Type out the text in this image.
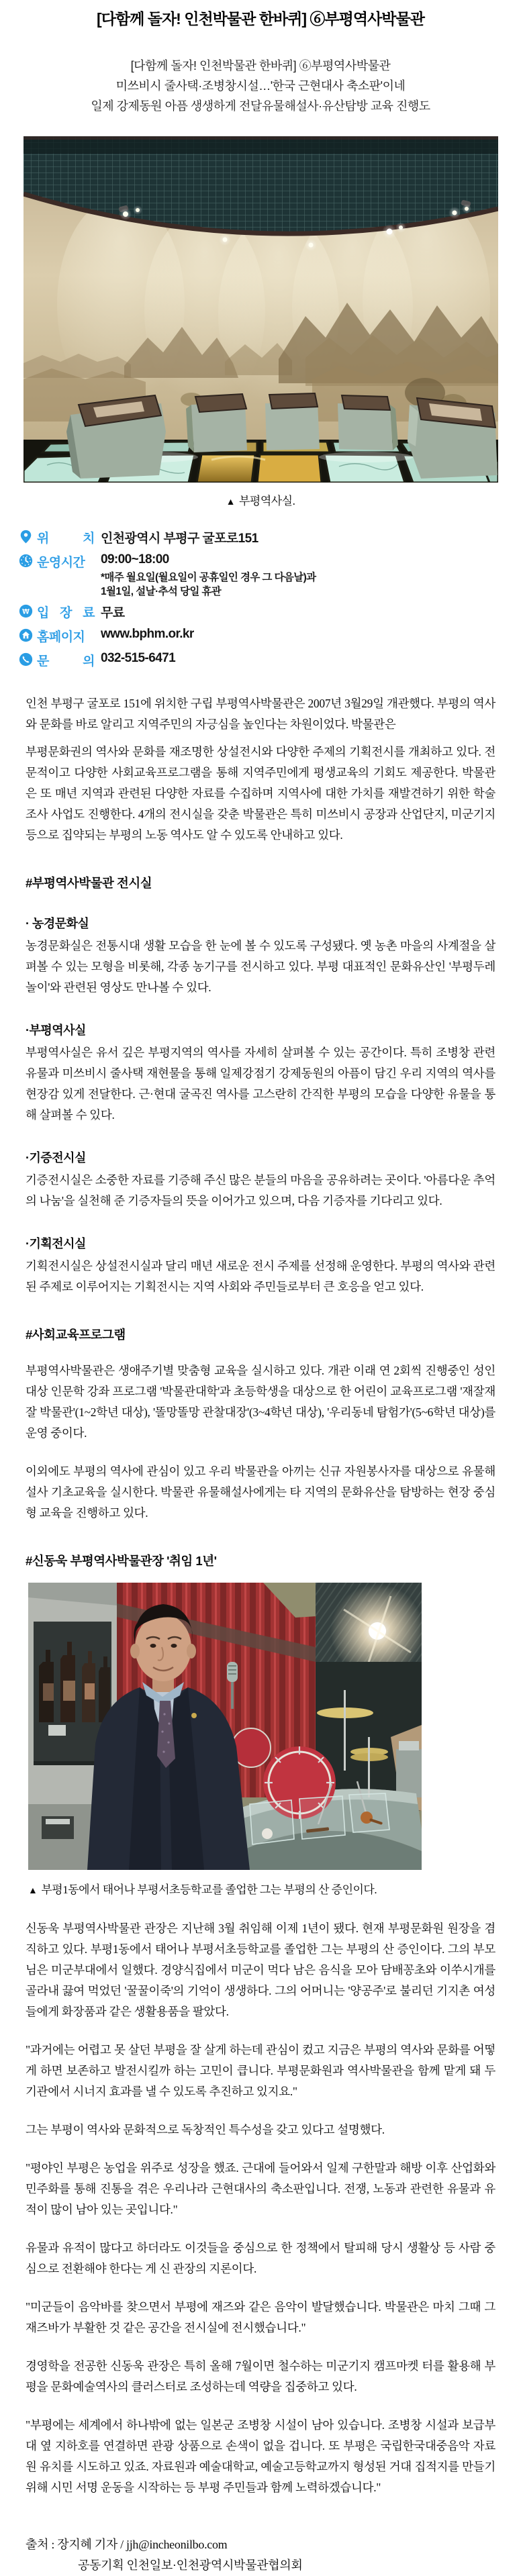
[다함께 돌자! 인천박물관 한바퀴] ⑥부평역사박물관
[다함께 돌자! 인천박물관 한바퀴] ⑥부평역사박물관
미쓰비시 줄사택·조병창시설…'한국 근현대사 축소판'이네
일제 강제동원 아픔 생생하게 전달유물해설사·유산탐방 교육 진행도
▲ 부평역사실.
위 치 인천광역시 부평구 굴포로151
운영시간	09:00~18:00
*매주 월요일(월요일이 공휴일인 경우 그 다음날)과
1월1일, 설날·추석 당일 휴관
W 입 장 료 무료
홈페이지	www.bphm.or.kr
문 의 032-515-6471

인천 부평구 굴포로 151에 위치한 구립 부평역사박물관은 2007년 3월29일 개관했다. 부평의 역사와 문화를 바로 알리고 지역주민의 자긍심을 높인다는 차원이었다. 박물관은

부평문화권의 역사와 문화를 재조명한 상설전시와 다양한 주제의 기획전시를 개최하고 있다. 전문적이고 다양한 사회교육프로그램을 통해 지역주민에게 평생교육의 기회도 제공한다. 박물관은 또 매년 지역과 관련된 다양한 자료를 수집하며 지역사에 대한 가치를 재발견하기 위한 학술조사 사업도 진행한다. 4개의 전시실을 갖춘 박물관은 특히 미쓰비시 공장과 산업단지, 미군기지 등으로 집약되는 부평의 노동 역사도 알 수 있도록 안내하고 있다.

#부평역사박물관 전시실
· 농경문화실

농경문화실은 전통시대 생활 모습을 한 눈에 볼 수 있도록 구성됐다. 옛 농촌 마을의 사계절을 살펴볼 수 있는 모형을 비롯해, 각종 농기구를 전시하고 있다. 부평 대표적인 문화유산인 '부평두레놀이'와 관련된 영상도 만나볼 수 있다.

·부평역사실

부평역사실은 유서 깊은 부평지역의 역사를 자세히 살펴볼 수 있는 공간이다. 특히 조병창 관련 유물과 미쓰비시 줄사택 재현물을 통해 일제강점기 강제동원의 아픔이 담긴 우리 지역의 역사를 현장감 있게 전달한다. 근·현대 굴곡진 역사를 고스란히 간직한 부평의 모습을 다양한 유물을 통해 살펴볼 수 있다.

·기증전시실

기증전시실은 소중한 자료를 기증해 주신 많은 분들의 마음을 공유하려는 곳이다. '아름다운 추억의 나눔'을 실천해 준 기증자들의 뜻을 이어가고 있으며, 다음 기증자를 기다리고 있다.

·기획전시실

기획전시실은 상설전시실과 달리 매년 새로운 전시 주제를 선정해 운영한다. 부평의 역사와 관련된 주제로 이루어지는 기획전시는 지역 사회와 주민들로부터 큰 호응을 얻고 있다.

#사회교육프로그램

부평역사박물관은 생애주기별 맞춤형 교육을 실시하고 있다. 개관 이래 연 2회씩 진행중인 성인 대상 인문학 강좌 프로그램 '박물관대학'과 초등학생을 대상으로 한 어린이 교육프로그램 '재잘재잘 박물관'(1~2학년 대상), '똘망똘망 관찰대장'(3~4학년 대상), '우리동네 탐험가'(5~6학년 대상)를 운영 중이다.

이외에도 부평의 역사에 관심이 있고 우리 박물관을 아끼는 신규 자원봉사자를 대상으로 유물해설사 기초교육을 실시한다. 박물관 유물해설사에게는 타 지역의 문화유산을 탐방하는 현장 중심형 교육을 진행하고 있다.

#신동욱 부평역사박물관장 '취임 1년'
▲ 부평1동에서 태어나 부평서초등학교를 졸업한 그는 부평의 산 증인이다.

신동욱 부평역사박물관 관장은 지난해 3월 취임해 이제 1년이 됐다. 현재 부평문화원 원장을 겸직하고 있다. 부평1동에서 태어나 부평서초등학교를 졸업한 그는 부평의 산 증인이다. 그의 부모님은 미군부대에서 일했다. 경양식집에서 미군이 먹다 남은 음식을 모아 담배꽁초와 이쑤시개를 골라내 끓여 먹었던 '꿀꿀이죽'의 기억이 생생하다. 그의 어머니는 '양공주'로 불리던 기지촌 여성들에게 화장품과 같은 생활용품을 팔았다.

"과거에는 어렵고 못 살던 부평을 잘 살게 하는데 관심이 컸고 지금은 부평의 역사와 문화를 어떻게 하면 보존하고 발전시킬까 하는 고민이 큽니다. 부평문화원과 역사박물관을 함께 맡게 돼 두 기관에서 시너지 효과를 낼 수 있도록 추진하고 있지요."

그는 부평이 역사와 문화적으로 독창적인 특수성을 갖고 있다고 설명했다.

"평야인 부평은 농업을 위주로 성장을 했죠. 근대에 들어와서 일제 구한말과 해방 이후 산업화와 민주화를 통해 진통을 겪은 우리나라 근현대사의 축소판입니다. 전쟁, 노동과 관련한 유물과 유적이 많이 남아 있는 곳입니다."

유물과 유적이 많다고 하더라도 이것들을 중심으로 한 정책에서 탈피해 당시 생활상 등 사람 중심으로 전환해야 한다는 게 신 관장의 지론이다.

"미군들이 음악바를 찾으면서 부평에 재즈와 같은 음악이 발달했습니다. 박물관은 마치 그때 그 재즈바가 부활한 것 같은 공간을 전시실에 전시했습니다."

경영학을 전공한 신동욱 관장은 특히 올해 7월이면 철수하는 미군기지 캠프마켓 터를 활용해 부평을 문화예술역사의 클러스터로 조성하는데 역량을 집중하고 있다.

"부평에는 세계에서 하나밖에 없는 일본군 조병창 시설이 남아 있습니다. 조병창 시설과 보급부대 옆 지하호를 연결하면 관광 상품으로 손색이 없을 겁니다. 또 부평은 국립한국대중음악 자료원 유치를 시도하고 있죠. 자료원과 예술대학교, 예술고등학교까지 형성된 거대 집적지를 만들기 위해 시민 서명 운동을 시작하는 등 부평 주민들과 함께 노력하겠습니다."

출처 : 장지혜 기자 / jjh@incheonilbo.com
공동기획 인천일보·인천광역시박물관협의회
